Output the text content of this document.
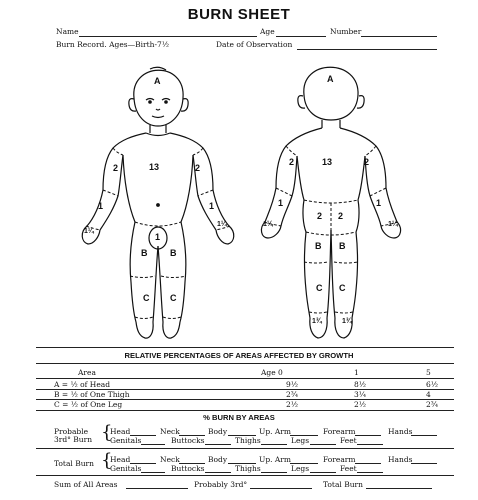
BURN SHEET
Name	Age	Number
Burn Record. Ages—Birth-7½	Date of Observation
A
13
2	2
1	1
1¼
1¼
1
B	B
C C
A
13
2	2
1	1
1¼	1¼
2 2
B B
C C
1¾	1¾
RELATIVE PERCENTAGES OF AREAS AFFECTED BY GROWTH
Area	Age 0	1	5
A = ½ of Head	9½	8½	6½
B = ½ of One Thigh	2¾	3¼	4
C = ½ of One Leg	2½	2½	2¾
% BURN BY AREAS
Probable
3rd° Burn {
Head	Neck	Body	Up. Arm	Forearm	Hands
Genitals	Buttocks	Thighs	Legs	Feet
Total Burn {
Head	Neck	Body	Up. Arm	Forearm	Hands
Genitals	Buttocks	Thighs	Legs	Feet
Sum of All Areas	Probably 3rd°	Total Burn
